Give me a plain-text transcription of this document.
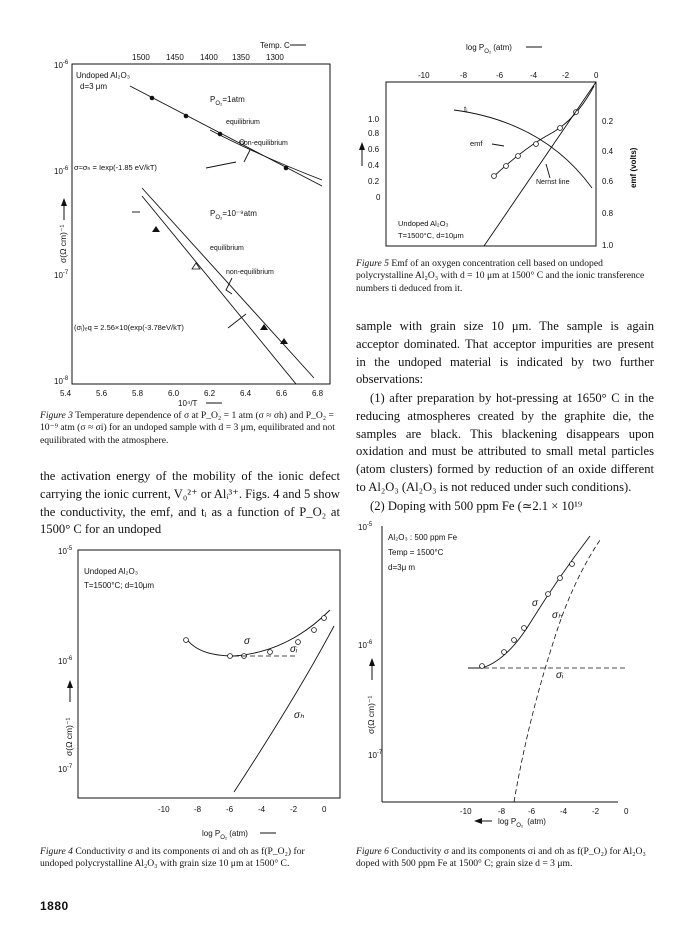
Temp. C
1500 1450 1400 1350 1300
$10^{-6}$
$10^{-6}$
$10^{-7}$
$10^{-8}$
Undoped Al₂O₃
d=3 μm
$P_{O_2}=1atm$
equilibrium
non-equilibrium
σ≈σₕ = Iexp(-1.85 eV/kT)
$P_{O_2}=10^{-9}atm$
equilibrium
non-equilibrium
(σᵢ)ₑq = 2.56×10(exp(-3.78eV/kT)
σ(Ω cm)⁻¹
5.4	5.6	5.8	6.0	6.2	6.4	6.6	6.8
10⁴/T
Figure 3 Temperature dependence of σ at P_O₂ = 1 atm (σ ≈ σh) and P_O₂ = 10⁻⁹ atm (σ ≈ σi) for an undoped sample with d = 3 μm, equilibrated and not equilibrated with the atmosphere.

the activation energy of the mobility of the ionic defect carrying the ionic current, V₀²⁺ or Alᵢ³⁺. Figs. 4 and 5 show the conductivity, the emf, and tᵢ as a function of P_O₂ at 1500° C for an undoped

$\log P_{O_2}$ (atm)
-10	-8	-6	-4	-2	0
1.0
0.8
0.6
0.4
0.2
0
0.2
0.4
0.6
0.8
1.0
emf (volts)
tᵢ
emf
Nernst line
Undoped Al₂O₃
T=1500°C, d=10μm
Figure 5 Emf of an oxygen concentration cell based on undoped polycrystalline Al₂O₃ with d = 10 μm at 1500° C and the ionic transference numbers ti deduced from it.

sample with grain size 10 μm. The sample is again acceptor dominated. That acceptor impurities are present in the undoped material is indicated by two further observations:

(1) after preparation by hot-pressing at 1650° C in the reducing atmospheres created by the graphite die, the samples are black. This blackening disappears upon oxidation and must be attributed to small metal particles (atom clusters) formed by reduction of an oxide different to Al₂O₃ (Al₂O₃ is not reduced under such conditions).

(2) Doping with 500 ppm Fe (≃2.1 × 10¹⁹

$10^{-5}$
$10^{-6}$
$10^{-7}$
Undoped Al₂O₃
T=1500°C; d=10μm
σ
σᵢ
σₕ
σ(Ω cm)⁻¹
-10	-8	-6	-4	-2	0
$\log P_{O_2}$ (atm)
Figure 4 Conductivity σ and its components σi and σh as f(P_O₂) for undoped polycrystalline Al₂O₃ with grain size 10 μm at 1500° C.
$10^{-5}$
$10^{-6}$
$10^{-7}$
Al₂O₃ : 500 ppm Fe
Temp = 1500°C
d=3μ m
σ
σₕ
σᵢ
σ(Ω cm)⁻¹
-10	-8	-6	-4	-2	0
$\log P_{O_2}$ (atm)
Figure 6 Conductivity σ and its components σi and σh as f(P_O₂) for Al₂O₃ doped with 500 ppm Fe at 1500° C; grain size d = 3 μm.
1880
